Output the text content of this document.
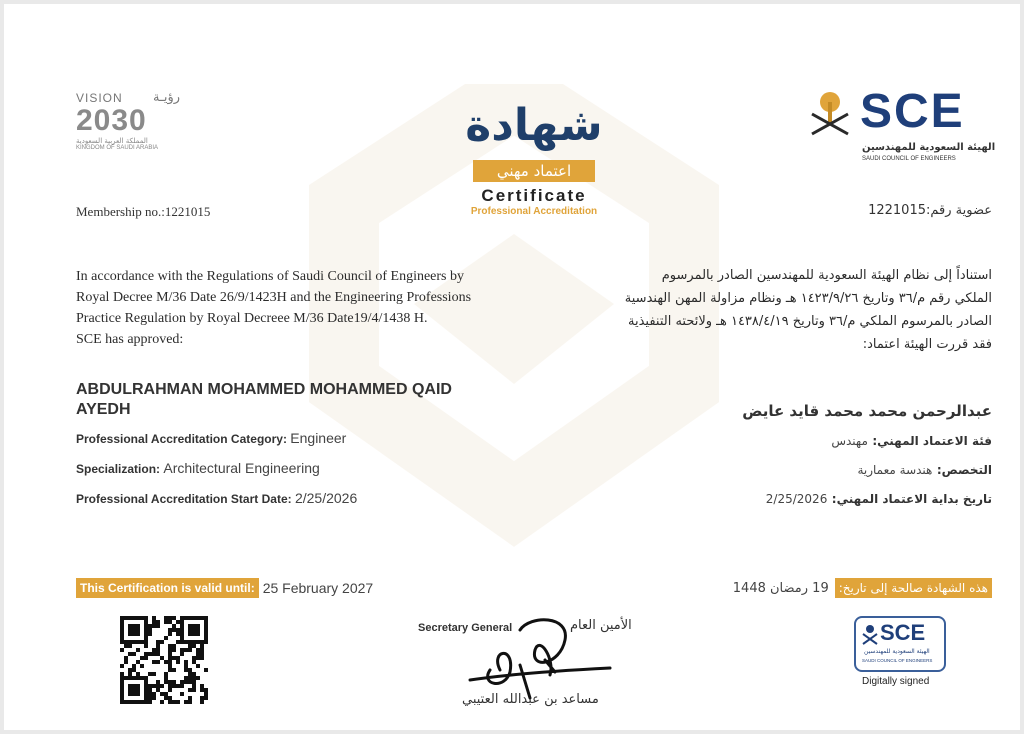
VISION رؤيـة
2030
المملكة العربية السعودية
KINGDOM OF SAUDI ARABIA
SCE
الهيئة السعودية للمهندسين
SAUDI COUNCIL OF ENGINEERS
شهادة
اعتماد مهني
Certificate
Professional Accreditation
Membership no.:1221015	عضوية رقم:1221015
In accordance with the Regulations of Saudi Council of Engineers by
Royal Decree M/36 Date 26/9/1423H and the Engineering Professions
Practice Regulation by Royal Decreee M/36 Date19/4/1438 H.
SCE has approved:
استناداً إلى نظام الهيئة السعودية للمهندسين الصادر بالمرسوم
الملكي رقم م/٣٦ وتاريخ ١٤٢٣/٩/٢٦ هـ ونظام مزاولة المهن الهندسية
الصادر بالمرسوم الملكي م/٣٦ وتاريخ ١٤٣٨/٤/١٩ هـ ولائحته التنفيذية
فقد قررت الهيئة اعتماد:
ABDULRAHMAN MOHAMMED MOHAMMED QAID
AYEDH	عبدالرحمن محمد محمد قايد عايض
Professional Accreditation Category: Engineer
Specialization: Architectural Engineering
Professional Accreditation Start Date: 2/25/2026
فئة الاعتماد المهني: مهندس
التخصص: هندسة معمارية
تاريخ بداية الاعتماد المهني: 2/25/2026
This Certification is valid until: 25 February 2027	هذه الشهادة صالحة إلى تاريخ:
19 رمضان 1448
Secretary General	الأمين العام
مساعد بن عبدالله العتيبي
SCE
الهيئة السعودية للمهندسين
SAUDI COUNCIL OF ENGINEERS
Digitally signed
